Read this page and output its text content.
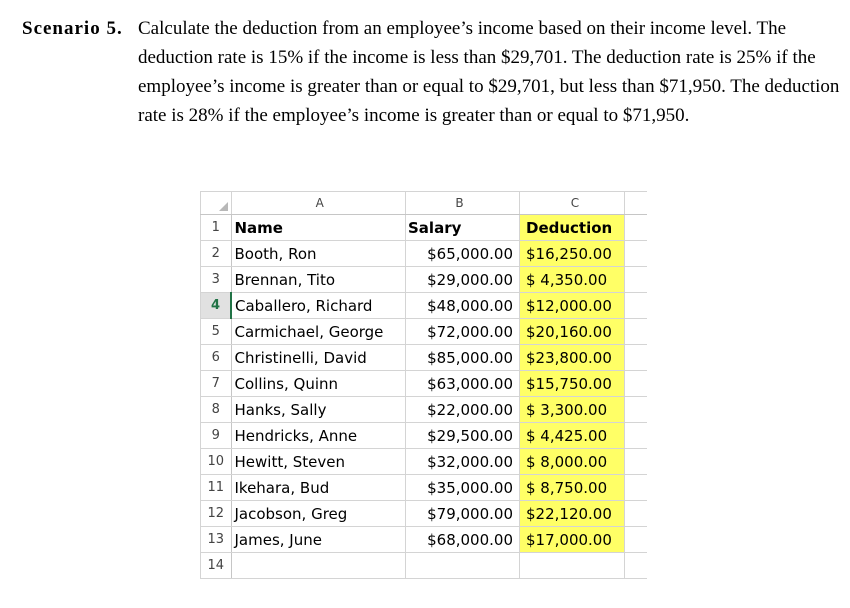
Scenario 5. Calculate the deduction from an employee’s income based on their income level. The deduction rate is 15% if the income is less than $29,701. The deduction rate is 25% if the employee’s income is greater than or equal to $29,701, but less than $71,950. The deduction rate is 28% if the employee’s income is greater than or equal to $71,950.
	A	B	C	
1	Name	Salary	Deduction	
2	Booth, Ron	$65,000.00	$16,250.00	
3	Brennan, Tito	$29,000.00	$ 4,350.00	
4	Caballero, Richard	$48,000.00	$12,000.00	
5	Carmichael, George	$72,000.00	$20,160.00	
6	Christinelli, David	$85,000.00	$23,800.00	
7	Collins, Quinn	$63,000.00	$15,750.00	
8	Hanks, Sally	$22,000.00	$ 3,300.00	
9	Hendricks, Anne	$29,500.00	$ 4,425.00	
10	Hewitt, Steven	$32,000.00	$ 8,000.00	
11	Ikehara, Bud	$35,000.00	$ 8,750.00	
12	Jacobson, Greg	$79,000.00	$22,120.00	
13	James, June	$68,000.00	$17,000.00	
14				
